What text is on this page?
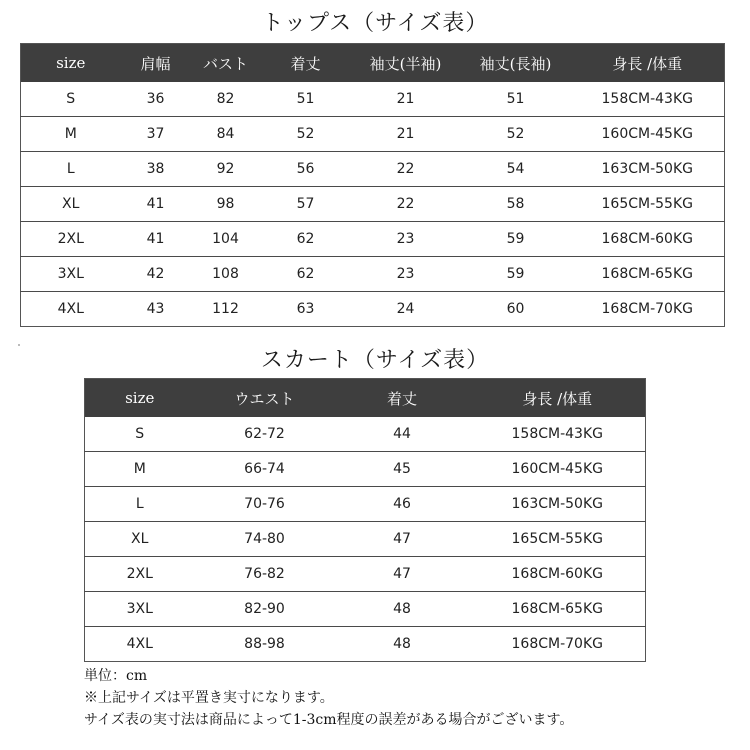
トップス（サイズ表）
size	肩幅	バスト	着丈	袖丈(半袖)	袖丈(長袖)	身長 /体重
S	36	82	51	21	51	158CM-43KG
M	37	84	52	21	52	160CM-45KG
L	38	92	56	22	54	163CM-50KG
XL	41	98	57	22	58	165CM-55KG
2XL	41	104	62	23	59	168CM-60KG
3XL	42	108	62	23	59	168CM-65KG
4XL	43	112	63	24	60	168CM-70KG
スカート（サイズ表）
size	ウエスト	着丈	身長 /体重
S	62-72	44	158CM-43KG
M	66-74	45	160CM-45KG
L	70-76	46	163CM-50KG
XL	74-80	47	165CM-55KG
2XL	76-82	47	168CM-60KG
3XL	82-90	48	168CM-65KG
4XL	88-98	48	168CM-70KG
単位：cm
※上記サイズは平置き実寸になります。
サイズ表の実寸法は商品によって1-3cm程度の誤差がある場合がございます。
